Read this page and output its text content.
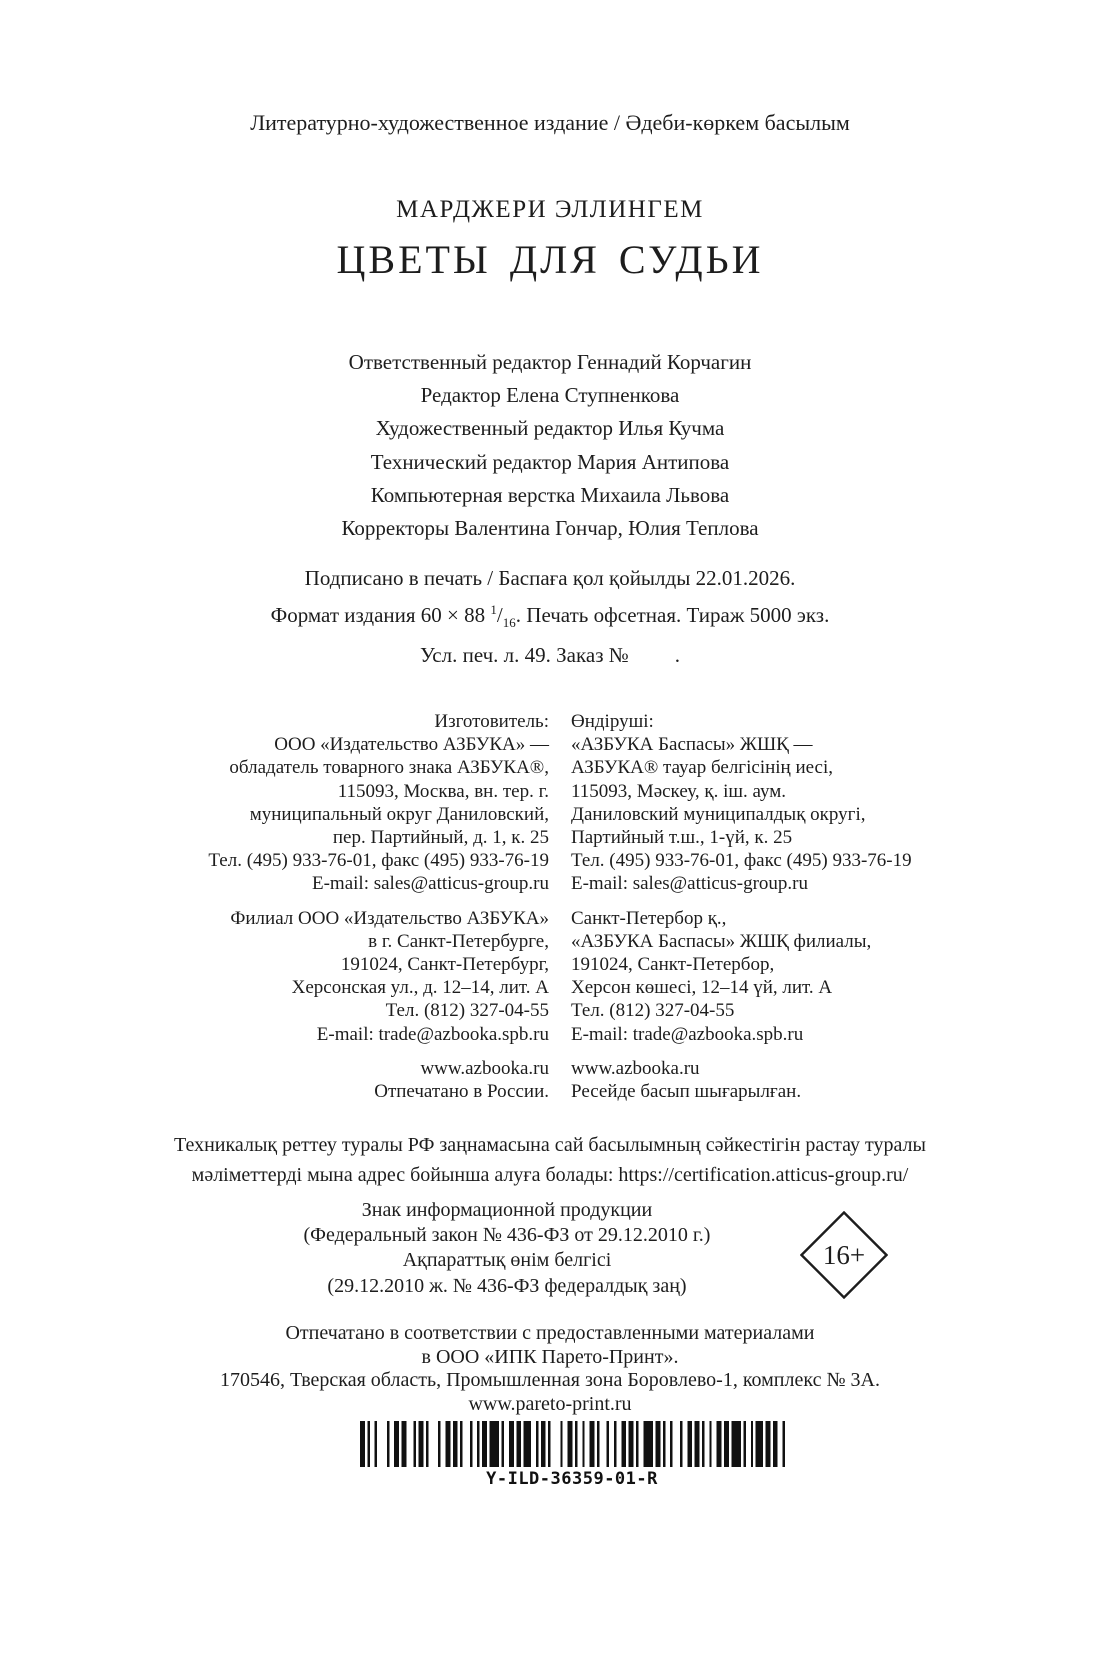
Литературно-художественное издание / Әдеби-көркем басылым
МАРДЖЕРИ ЭЛЛИНГЕМ
ЦВЕТЫ ДЛЯ СУДЬИ
Ответственный редактор Геннадий Корчагин
Редактор Елена Ступненкова
Художественный редактор Илья Кучма
Технический редактор Мария Антипова
Компьютерная верстка Михаила Львова
Корректоры Валентина Гончар, Юлия Теплова
Подписано в печать / Баспаға қол қойылды 22.01.2026.
Формат издания 60 × 88 $^1/_{16}$. Печать офсетная. Тираж 5000 экз.
Усл. печ. л. 49. Заказ № .
Изготовитель:
ООО «Издательство АЗБУКА» —
обладатель товарного знака АЗБУКА®,
115093, Москва, вн. тер. г.
муниципальный округ Даниловский,
пер. Партийный, д. 1, к. 25
Тел. (495) 933-76-01, факс (495) 933-76-19
E-mail: sales@atticus-group.ru
Филиал ООО «Издательство АЗБУКА»
в г. Санкт-Петербурге,
191024, Санкт-Петербург,
Херсонская ул., д. 12–14, лит. А
Тел. (812) 327-04-55
E-mail: trade@azbooka.spb.ru
www.azbooka.ru
Отпечатано в России.
Өндіруші:
«АЗБУКА Баспасы» ЖШҚ —
АЗБУКА® тауар белгісінің иесі,
115093, Мәскеу, қ. іш. аум.
Даниловский муниципалдық округі,
Партийный т.ш., 1-үй, к. 25
Тел. (495) 933-76-01, факс (495) 933-76-19
E-mail: sales@atticus-group.ru
Санкт-Петербор қ.,
«АЗБУКА Баспасы» ЖШҚ филиалы,
191024, Санкт-Петербор,
Херсон көшесі, 12–14 үй, лит. А
Тел. (812) 327-04-55
E-mail: trade@azbooka.spb.ru
www.azbooka.ru
Ресейде басып шығарылған.
Техникалық реттеу туралы РФ заңнамасына сай басылымның сәйкестігін растау туралы
мәліметтерді мына адрес бойынша алуға болады: https://certification.atticus-group.ru/
Знак информационной продукции
(Федеральный закон № 436-ФЗ от 29.12.2010 г.)
Ақпараттық өнім белгісі
(29.12.2010 ж. № 436-ФЗ федералдық заң)
16+
Отпечатано в соответствии с предоставленными материалами
в ООО «ИПК Парето-Принт».
170546, Тверская область, Промышленная зона Боровлево-1, комплекс № 3А.
www.pareto-print.ru
Y-ILD-36359-01-R
